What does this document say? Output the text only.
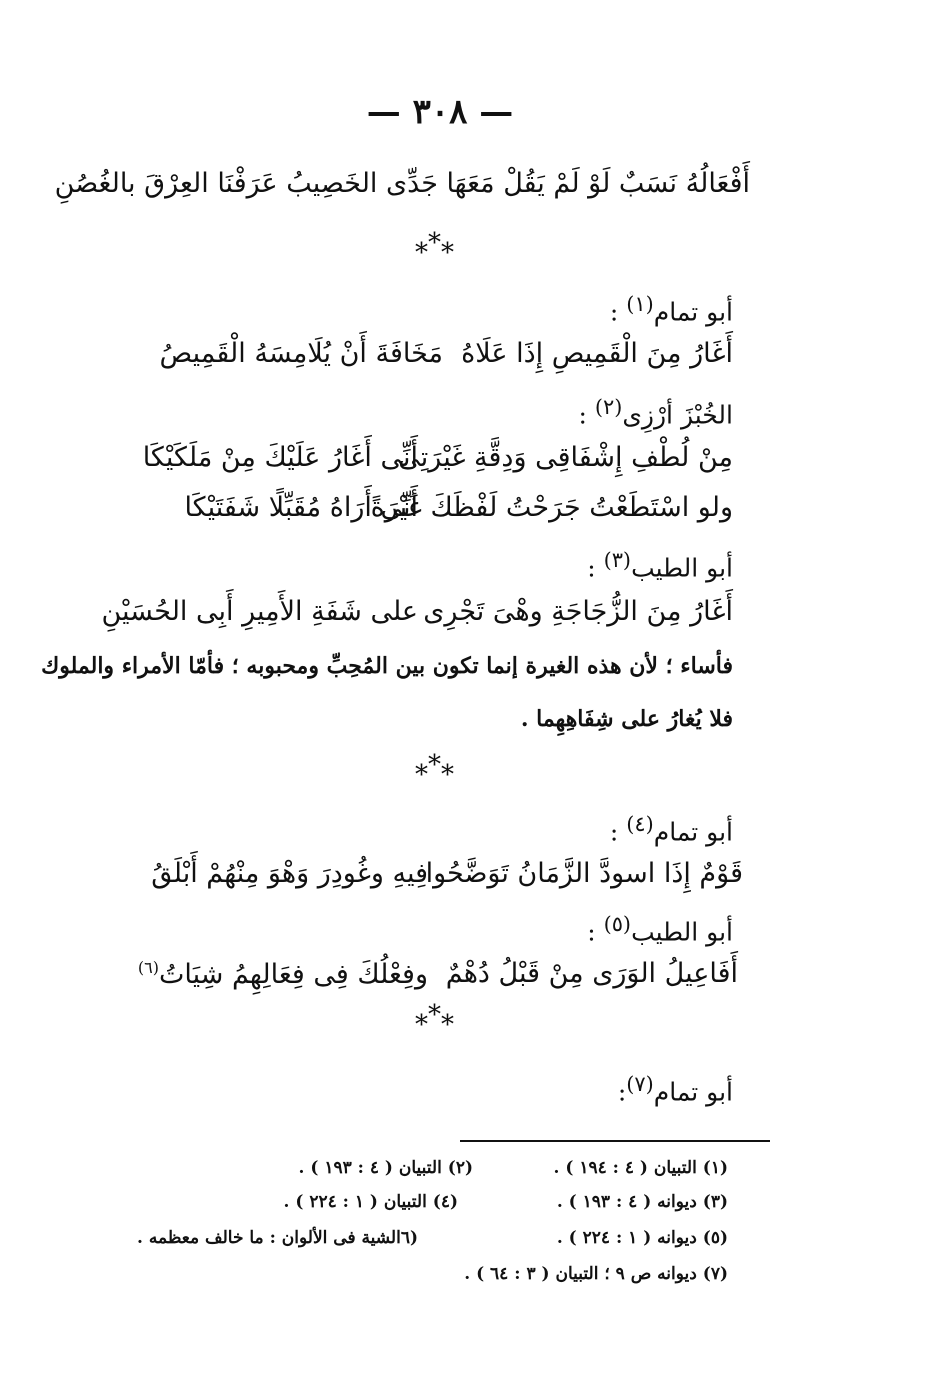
— ٣٠٨ —
أَفْعَالُهُ نَسَبٌ لَوْ لَمْ يَقُلْ مَعَهَا
جَدِّى الخَصِيبُ عَرَفْنَا العِرْقَ بالغُصُنِ
***
أبو تمام$^{(١)}$ :
أَغَارُ مِنَ الْقَمِيصِ إِذَا عَلَاهُ
مَخَافَةَ أَنْ يُلَامِسَهُ الْقَمِيصُ
الخُبْزَ أرْزِى$^{(٢)}$ :
مِنْ لُطْفِ إِشْفَاقِى وَدِقَّةِ غَيْرَتِى
أَنِّى أَغَارُ عَلَيْكَ مِنْ مَلَكَيْكَا
ولو اسْتَطَعْتُ جَرَحْتُ لَفْظَكَ غَيْرَةً
أَنِّى أَرَاهُ مُقَبِّلًا شَفَتَيْكَا
أبو الطيب$^{(٣)}$ :
أَغَارُ مِنَ الزُّجَاجَةِ وهْىَ تَجْرِى
على شَفَةِ الأَمِيرِ أَبِى الحُسَيْنِ
فأساء ؛ لأن هذه الغيرة إنما تكون بين المُحِبِّ ومحبوبه ؛ فأمّا الأمراء والملوك
فلا يُغارُ على شِفَاهِهِما .
***
أبو تمام$^{(٤)}$ :
قَوْمٌ إِذَا اسودَّ الزَّمَانُ تَوَضَّحُوا
فِيهِ وغُودِرَ وَهْوَ مِنْهُمْ أَبْلَقُ
أبو الطيب$^{(٥)}$ :
أَفَاعِيلُ الوَرَى مِنْ قَبْلُ دُهْمٌ
وفِعْلُكَ فِى فِعَالِهِمُ شِيَاتُ$^{(٦)}$
***
أبو تمام$^{(٧)}$:
(١) التبيان ( ٤ : ١٩٤ ) .
(٣) ديوانه ( ٤ : ١٩٣ ) .
(٥) ديوانه ( ١ : ٢٢٤ ) .
(٧) ديوانه ص ٩ ؛ التبيان ( ٣ : ٦٤ ) .
(٢) التبيان ( ٤ : ١٩٣ ) .
(٤) التبيان ( ١ : ٢٢٤ ) .
(٦الشية فى الألوان : ما خالف معظمه .
